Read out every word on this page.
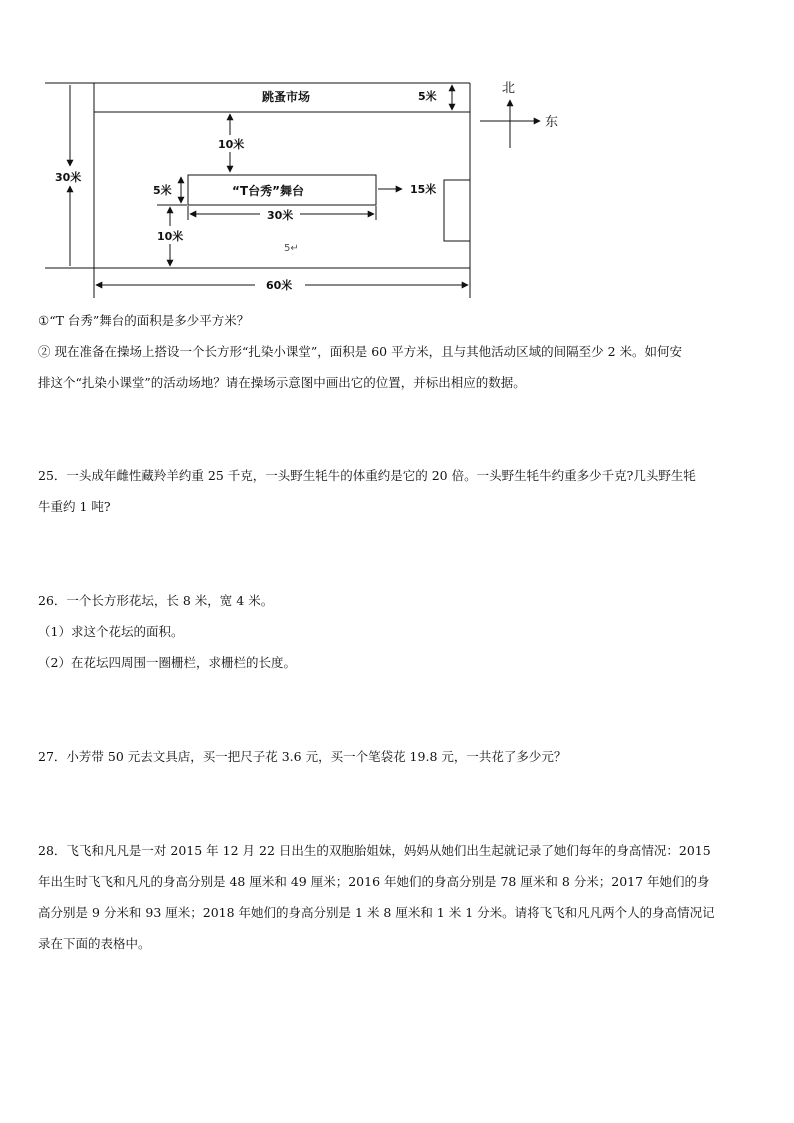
跳蚤市场	5米
10米
30米
“T台秀”舞台
5米	15米
30米
10米
5↵
60米
北
东
①“T 台秀”舞台的面积是多少平方米？
② 现在准备在操场上搭设一个长方形“扎染小课堂”，面积是 60 平方米，且与其他活动区域的间隔至少 2 米。如何安
排这个“扎染小课堂”的活动场地？请在操场示意图中画出它的位置，并标出相应的数据。
25．一头成年雌性藏羚羊约重 25 千克，一头野生牦牛的体重约是它的 20 倍。一头野生牦牛约重多少千克?几头野生牦
牛重约 1 吨?
26．一个长方形花坛，长 8 米，宽 4 米。
（1）求这个花坛的面积。
（2）在花坛四周围一圈栅栏，求栅栏的长度。
27．小芳带 50 元去文具店，买一把尺子花 3.6 元，买一个笔袋花 19.8 元，一共花了多少元？
28．飞飞和凡凡是一对 2015 年 12 月 22 日出生的双胞胎姐妹，妈妈从她们出生起就记录了她们每年的身高情况：2015
年出生时飞飞和凡凡的身高分别是 48 厘米和 49 厘米；2016 年她们的身高分别是 78 厘米和 8 分米；2017 年她们的身
高分别是 9 分米和 93 厘米；2018 年她们的身高分别是 1 米 8 厘米和 1 米 1 分米。请将飞飞和凡凡两个人的身高情况记
录在下面的表格中。
